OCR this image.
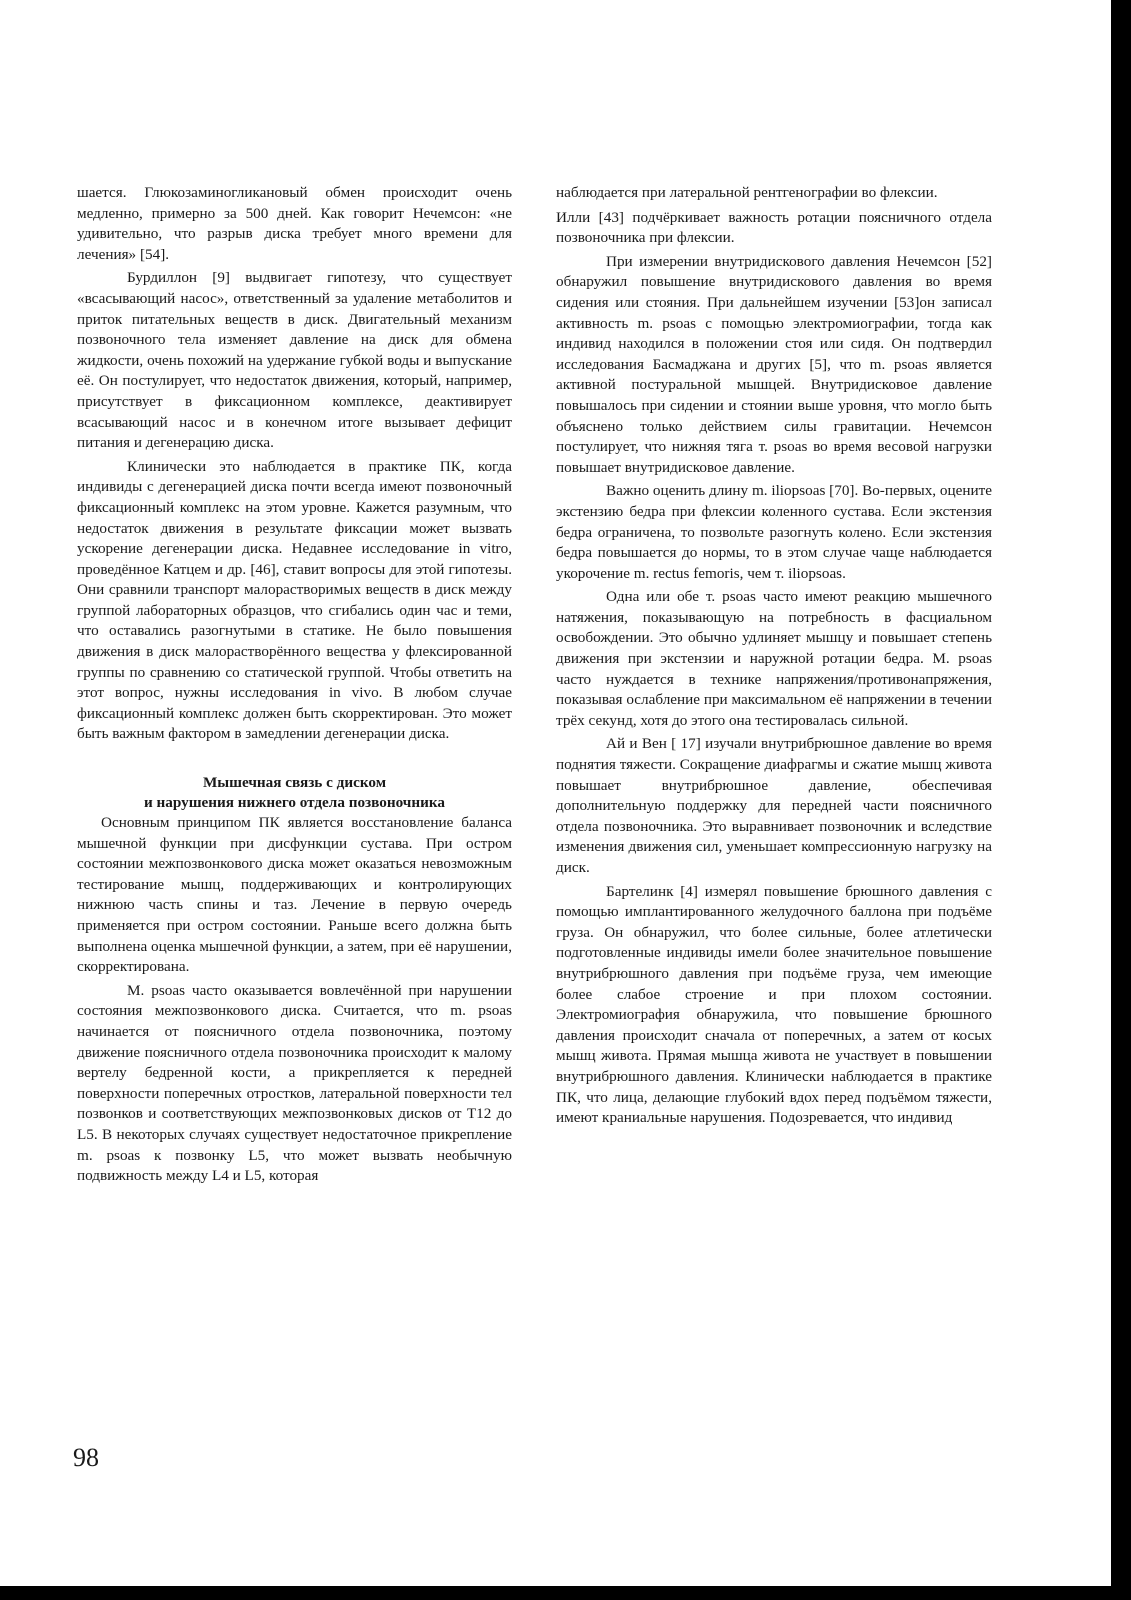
шается. Глюкозаминогликановый обмен происходит очень медленно, примерно за 500 дней. Как говорит Нечемсон: «не удивительно, что разрыв диска требует много времени для лечения» [54].

Бурдиллон [9] выдвигает гипотезу, что существует «всасывающий насос», ответственный за удаление метаболитов и приток питательных веществ в диск. Двигательный механизм позвоночного тела изменяет давление на диск для обмена жидкости, очень похожий на удержание губкой воды и выпускание её. Он постулирует, что недостаток движения, который, например, присутствует в фиксационном комплексе, деактивирует всасывающий насос и в конечном итоге вызывает дефицит питания и дегенерацию диска.

Клинически это наблюдается в практике ПК, когда индивиды с дегенерацией диска почти всегда имеют позвоночный фиксационный комплекс на этом уровне. Кажется разумным, что недостаток движения в результате фиксации может вызвать ускорение дегенерации диска. Недавнее исследование in vitro, проведённое Катцем и др. [46], ставит вопросы для этой гипотезы. Они сравнили транспорт малорастворимых веществ в диск между группой лабораторных образцов, что сгибались один час и теми, что оставались разогнутыми в статике. Не было повышения движения в диск малорастворённого вещества у флексированной группы по сравнению со статической группой. Чтобы ответить на этот вопрос, нужны исследования in vivo. В любом случае фиксационный комплекс должен быть скорректирован. Это может быть важным фактором в замедлении дегенерации диска.

Мышечная связь с диском
и нарушения нижнего отдела позвоночника

Основным принципом ПК является восстановление баланса мышечной функции при дисфункции сустава. При остром состоянии межпозвонкового диска может оказаться невозможным тестирование мышц, поддерживающих и контролирующих нижнюю часть спины и таз. Лечение в первую очередь применяется при остром состоянии. Раньше всего должна быть выполнена оценка мышечной функции, а затем, при её нарушении, скорректирована.

M. psoas часто оказывается вовлечённой при нарушении состояния межпозвонкового диска. Считается, что m. psoas начинается от поясничного отдела позвоночника, поэтому движение поясничного отдела позвоночника происходит к малому вертелу бедренной кости, а прикрепляется к передней поверхности поперечных отростков, латеральной поверхности тел позвонков и соответствующих межпозвонковых дисков от T12 до L5. В некоторых случаях существует недостаточное прикрепление m. psoas к позвонку L5, что может вызвать необычную подвижность между L4 и L5, которая

наблюдается при латеральной рентгенографии во флексии.

Илли [43] подчёркивает важность ротации поясничного отдела позвоночника при флексии.

При измерении внутридискового давления Нечемсон [52] обнаружил повышение внутридискового давления во время сидения или стояния. При дальнейшем изучении [53]он записал активность m. psoas с помощью электромиографии, тогда как индивид находился в положении стоя или сидя. Он подтвердил исследования Басмаджана и других [5], что m. psoas является активной постуральной мышцей. Внутридисковое давление повышалось при сидении и стоянии выше уровня, что могло быть объяснено только действием силы гравитации. Нечемсон постулирует, что нижняя тяга т. psoas во время весовой нагрузки повышает внутридисковое давление.

Важно оценить длину m. iliopsoas [70]. Во-первых, оцените экстензию бедра при флексии коленного сустава. Если экстензия бедра ограничена, то позвольте разогнуть колено. Если экстензия бедра повышается до нормы, то в этом случае чаще наблюдается укорочение m. rectus femoris, чем т. iliopsoas.

Одна или обе т. psoas часто имеют реакцию мышечного натяжения, показывающую на потребность в фасциальном освобождении. Это обычно удлиняет мышцу и повышает степень движения при экстензии и наружной ротации бедра. М. psoas часто нуждается в технике напряжения/противонапряжения, показывая ослабление при максимальном её напряжении в течении трёх секунд, хотя до этого она тестировалась сильной.

Ай и Вен [ 17] изучали внутрибрюшное давление во время поднятия тяжести. Сокращение диафрагмы и сжатие мышц живота повышает внутрибрюшное давление, обеспечивая дополнительную поддержку для передней части поясничного отдела позвоночника. Это выравнивает позвоночник и вследствие изменения движения сил, уменьшает компрессионную нагрузку на диск.

Бартелинк [4] измерял повышение брюшного давления с помощью имплантированного желудочного баллона при подъёме груза. Он обнаружил, что более сильные, более атлетически подготовленные индивиды имели более значительное повышение внутрибрюшного давления при подъёме груза, чем имеющие более слабое строение и при плохом состоянии. Электромиография обнаружила, что повышение брюшного давления происходит сначала от поперечных, а затем от косых мышц живота. Прямая мышца живота не участвует в повышении внутрибрюшного давления. Клинически наблюдается в практике ПК, что лица, делающие глубокий вдох перед подъёмом тяжести, имеют краниальные нарушения. Подозревается, что индивид

98
